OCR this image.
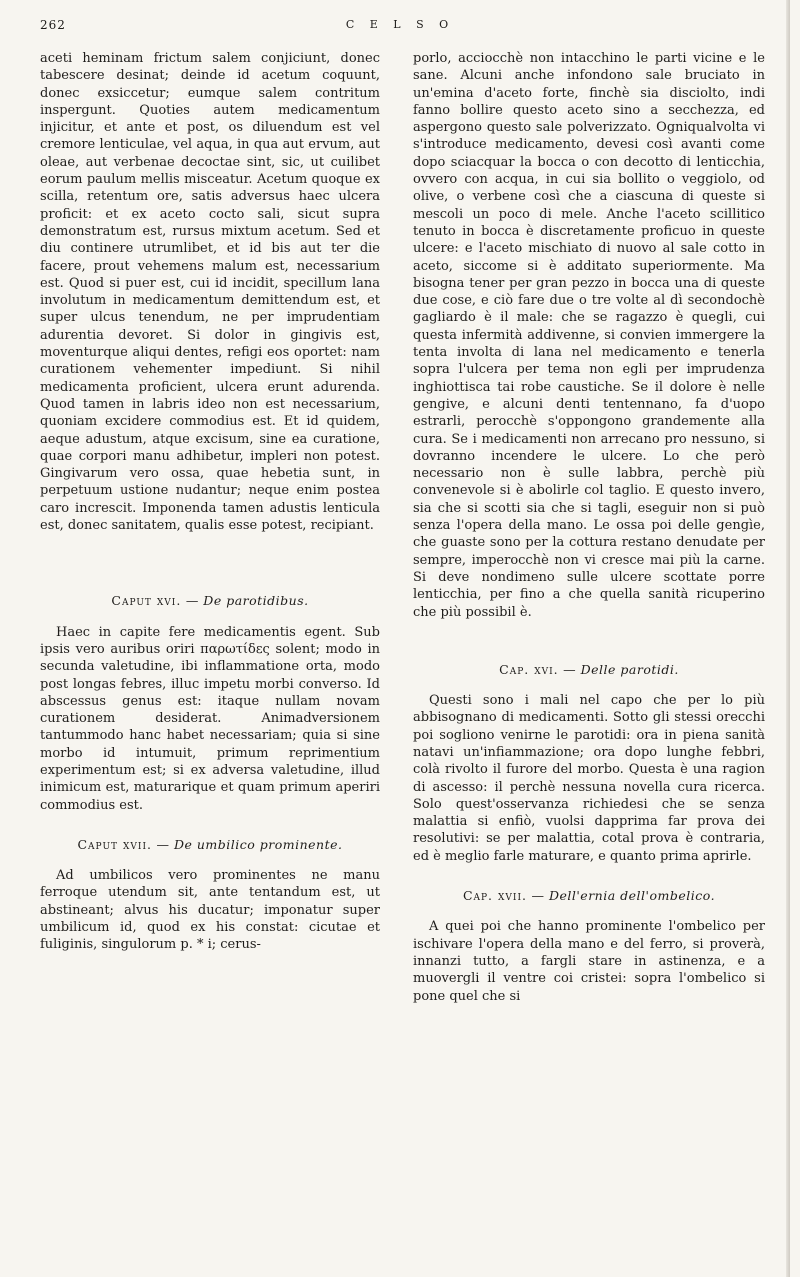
262	C E L S O

aceti heminam frictum salem conjiciunt, donec tabescere desinat; deinde id acetum coquunt, donec exsiccetur; eumque salem contritum inspergunt. Quoties autem medicamentum injicitur, et ante et post, os diluendum est vel cremore lenticulae, vel aqua, in qua aut ervum, aut oleae, aut verbenae decoctae sint, sic, ut cuilibet eorum paulum mellis misceatur. Acetum quoque ex scilla, retentum ore, satis adversus haec ulcera proficit: et ex aceto cocto sali, sicut supra demonstratum est, rursus mixtum acetum. Sed et diu continere utrumlibet, et id bis aut ter die facere, prout vehemens malum est, necessarium est. Quod si puer est, cui id incidit, specillum lana involutum in medicamentum demittendum est, et super ulcus tenendum, ne per imprudentiam adurentia devoret. Si dolor in gingivis est, moventurque aliqui dentes, refigi eos oportet: nam curationem vehementer impediunt. Si nihil medicamenta proficient, ulcera erunt adurenda. Quod tamen in labris ideo non est necessarium, quoniam excidere commodius est. Et id quidem, aeque adustum, atque excisum, sine ea curatione, quae corpori manu adhibetur, impleri non potest. Gingivarum vero ossa, quae hebetia sunt, in perpetuum ustione nudantur; neque enim postea caro increscit. Imponenda tamen adustis lenticula est, donec sanitatem, qualis esse potest, recipiant.

Caput xvi. — De parotidibus.

Haec in capite fere medicamentis egent. Sub ipsis vero auribus oriri παρωτίδες solent; modo in secunda valetudine, ibi inflammatione orta, modo post longas febres, illuc impetu morbi converso. Id abscessus genus est: itaque nullam novam curationem desiderat. Animadversionem tantummodo hanc habet necessariam; quia si sine morbo id intumuit, primum reprimentium experimentum est; si ex adversa valetudine, illud inimicum est, maturarique et quam primum aperiri commodius est.

Caput xvii. — De umbilico prominente.

Ad umbilicos vero prominentes ne manu ferroque utendum sit, ante tentandum est, ut abstineant; alvus his ducatur; imponatur super umbilicum id, quod ex his constat: cicutae et fuliginis, singulorum p. * i; cerus-

porlo, acciocchè non intacchino le parti vicine e le sane. Alcuni anche infondono sale bruciato in un'emina d'aceto forte, finchè sia disciolto, indi fanno bollire questo aceto sino a secchezza, ed aspergono questo sale polverizzato. Ogniqualvolta vi s'introduce medicamento, devesi così avanti come dopo sciacquar la bocca o con decotto di lenticchia, ovvero con acqua, in cui sia bollito o veggiolo, od olive, o verbene così che a ciascuna di queste si mescoli un poco di mele. Anche l'aceto scillitico tenuto in bocca è discretamente proficuo in queste ulcere: e l'aceto mischiato di nuovo al sale cotto in aceto, siccome si è additato superiormente. Ma bisogna tener per gran pezzo in bocca una di queste due cose, e ciò fare due o tre volte al dì secondochè gagliardo è il male: che se ragazzo è quegli, cui questa infermità addivenne, si convien immergere la tenta involta di lana nel medicamento e tenerla sopra l'ulcera per tema non egli per imprudenza inghiottisca tai robe caustiche. Se il dolore è nelle gengive, e alcuni denti tentennano, fa d'uopo estrarli, perocchè s'oppongono grandemente alla cura. Se i medicamenti non arrecano pro nessuno, si dovranno incendere le ulcere. Lo che però necessario non è sulle labbra, perchè più convenevole si è abolirle col taglio. E questo invero, sia che si scotti sia che si tagli, eseguir non si può senza l'opera della mano. Le ossa poi delle gengìe, che guaste sono per la cottura restano denudate per sempre, imperocchè non vi cresce mai più la carne. Si deve nondimeno sulle ulcere scottate porre lenticchia, per fino a che quella sanità ricuperino che più possibil è.

Cap. xvi. — Delle parotidi.

Questi sono i mali nel capo che per lo più abbisognano di medicamenti. Sotto gli stessi orecchi poi sogliono venirne le parotidi: ora in piena sanità natavi un'infiammazione; ora dopo lunghe febbri, colà rivolto il furore del morbo. Questa è una ragion di ascesso: il perchè nessuna novella cura ricerca. Solo quest'osservanza richiedesi che se senza malattia si enfiò, vuolsi dapprima far prova dei resolutivi: se per malattia, cotal prova è contraria, ed è meglio farle maturare, e quanto prima aprirle.

Cap. xvii. — Dell'ernia dell'ombelico.

A quei poi che hanno prominente l'ombelico per ischivare l'opera della mano e del ferro, si proverà, innanzi tutto, a fargli stare in astinenza, e a muovergli il ventre coi cristei: sopra l'ombelico si pone quel che si
